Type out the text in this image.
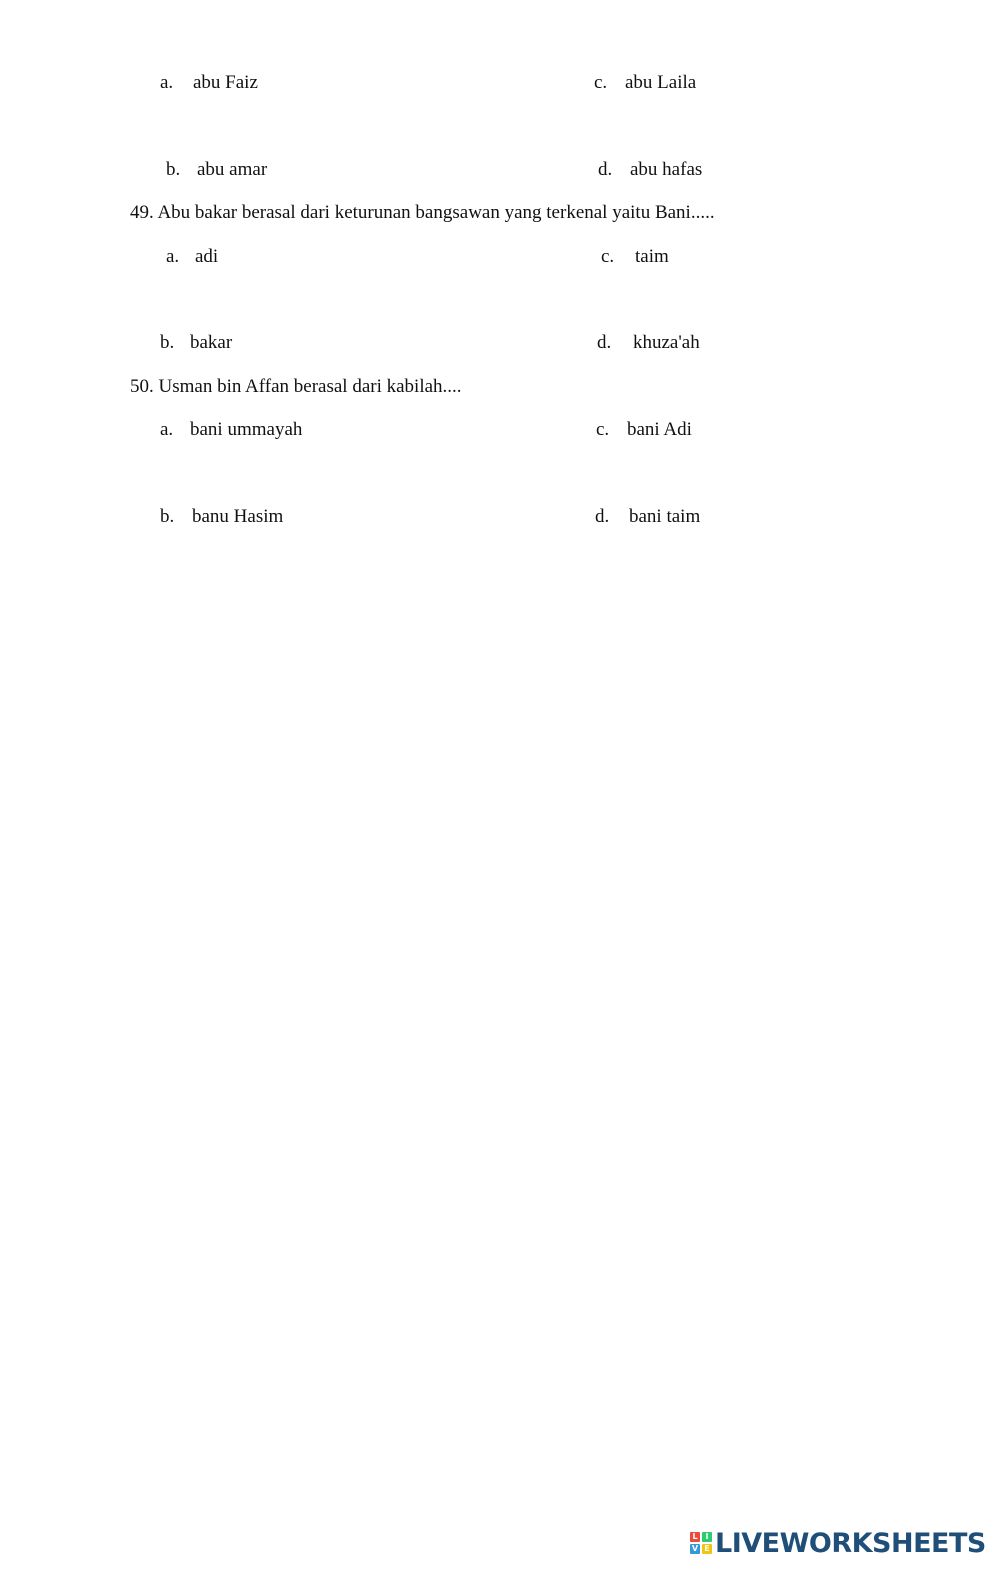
a. abu Faiz	c. abu Laila
b. abu amar	d. abu hafas
49. Abu bakar berasal dari keturunan bangsawan yang terkenal yaitu Bani.....
a. adi	c. taim
b. bakar	d. khuza'ah
50. Usman bin Affan berasal dari kabilah....
a. bani ummayah	c. bani Adi
b. banu Hasim	d. bani taim
L I
V E LIVEWORKSHEETS
